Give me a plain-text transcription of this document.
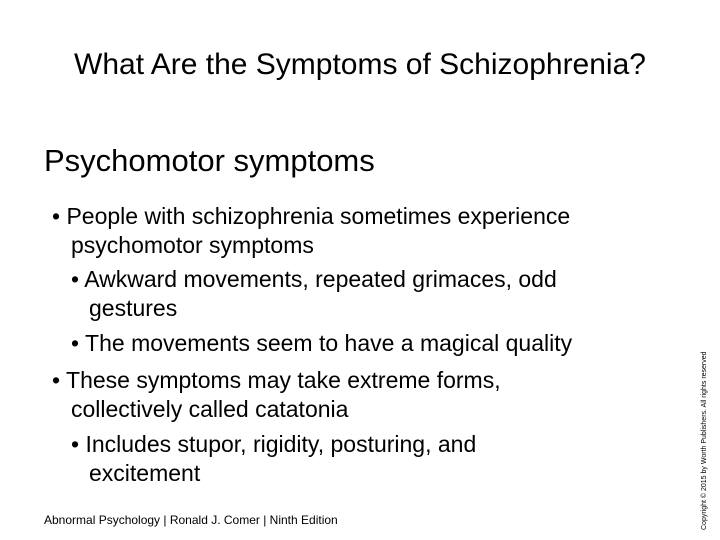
What Are the Symptoms of Schizophrenia?
Psychomotor symptoms
• People with schizophrenia sometimes experience
psychomotor symptoms
• Awkward movements, repeated grimaces, odd
gestures
• The movements seem to have a magical quality
• These symptoms may take extreme forms,
collectively called catatonia
• Includes stupor, rigidity, posturing, and
excitement
Abnormal Psychology | Ronald J. Comer | Ninth Edition	Copyright © 2015 by Worth Publishers. All rights reserved
